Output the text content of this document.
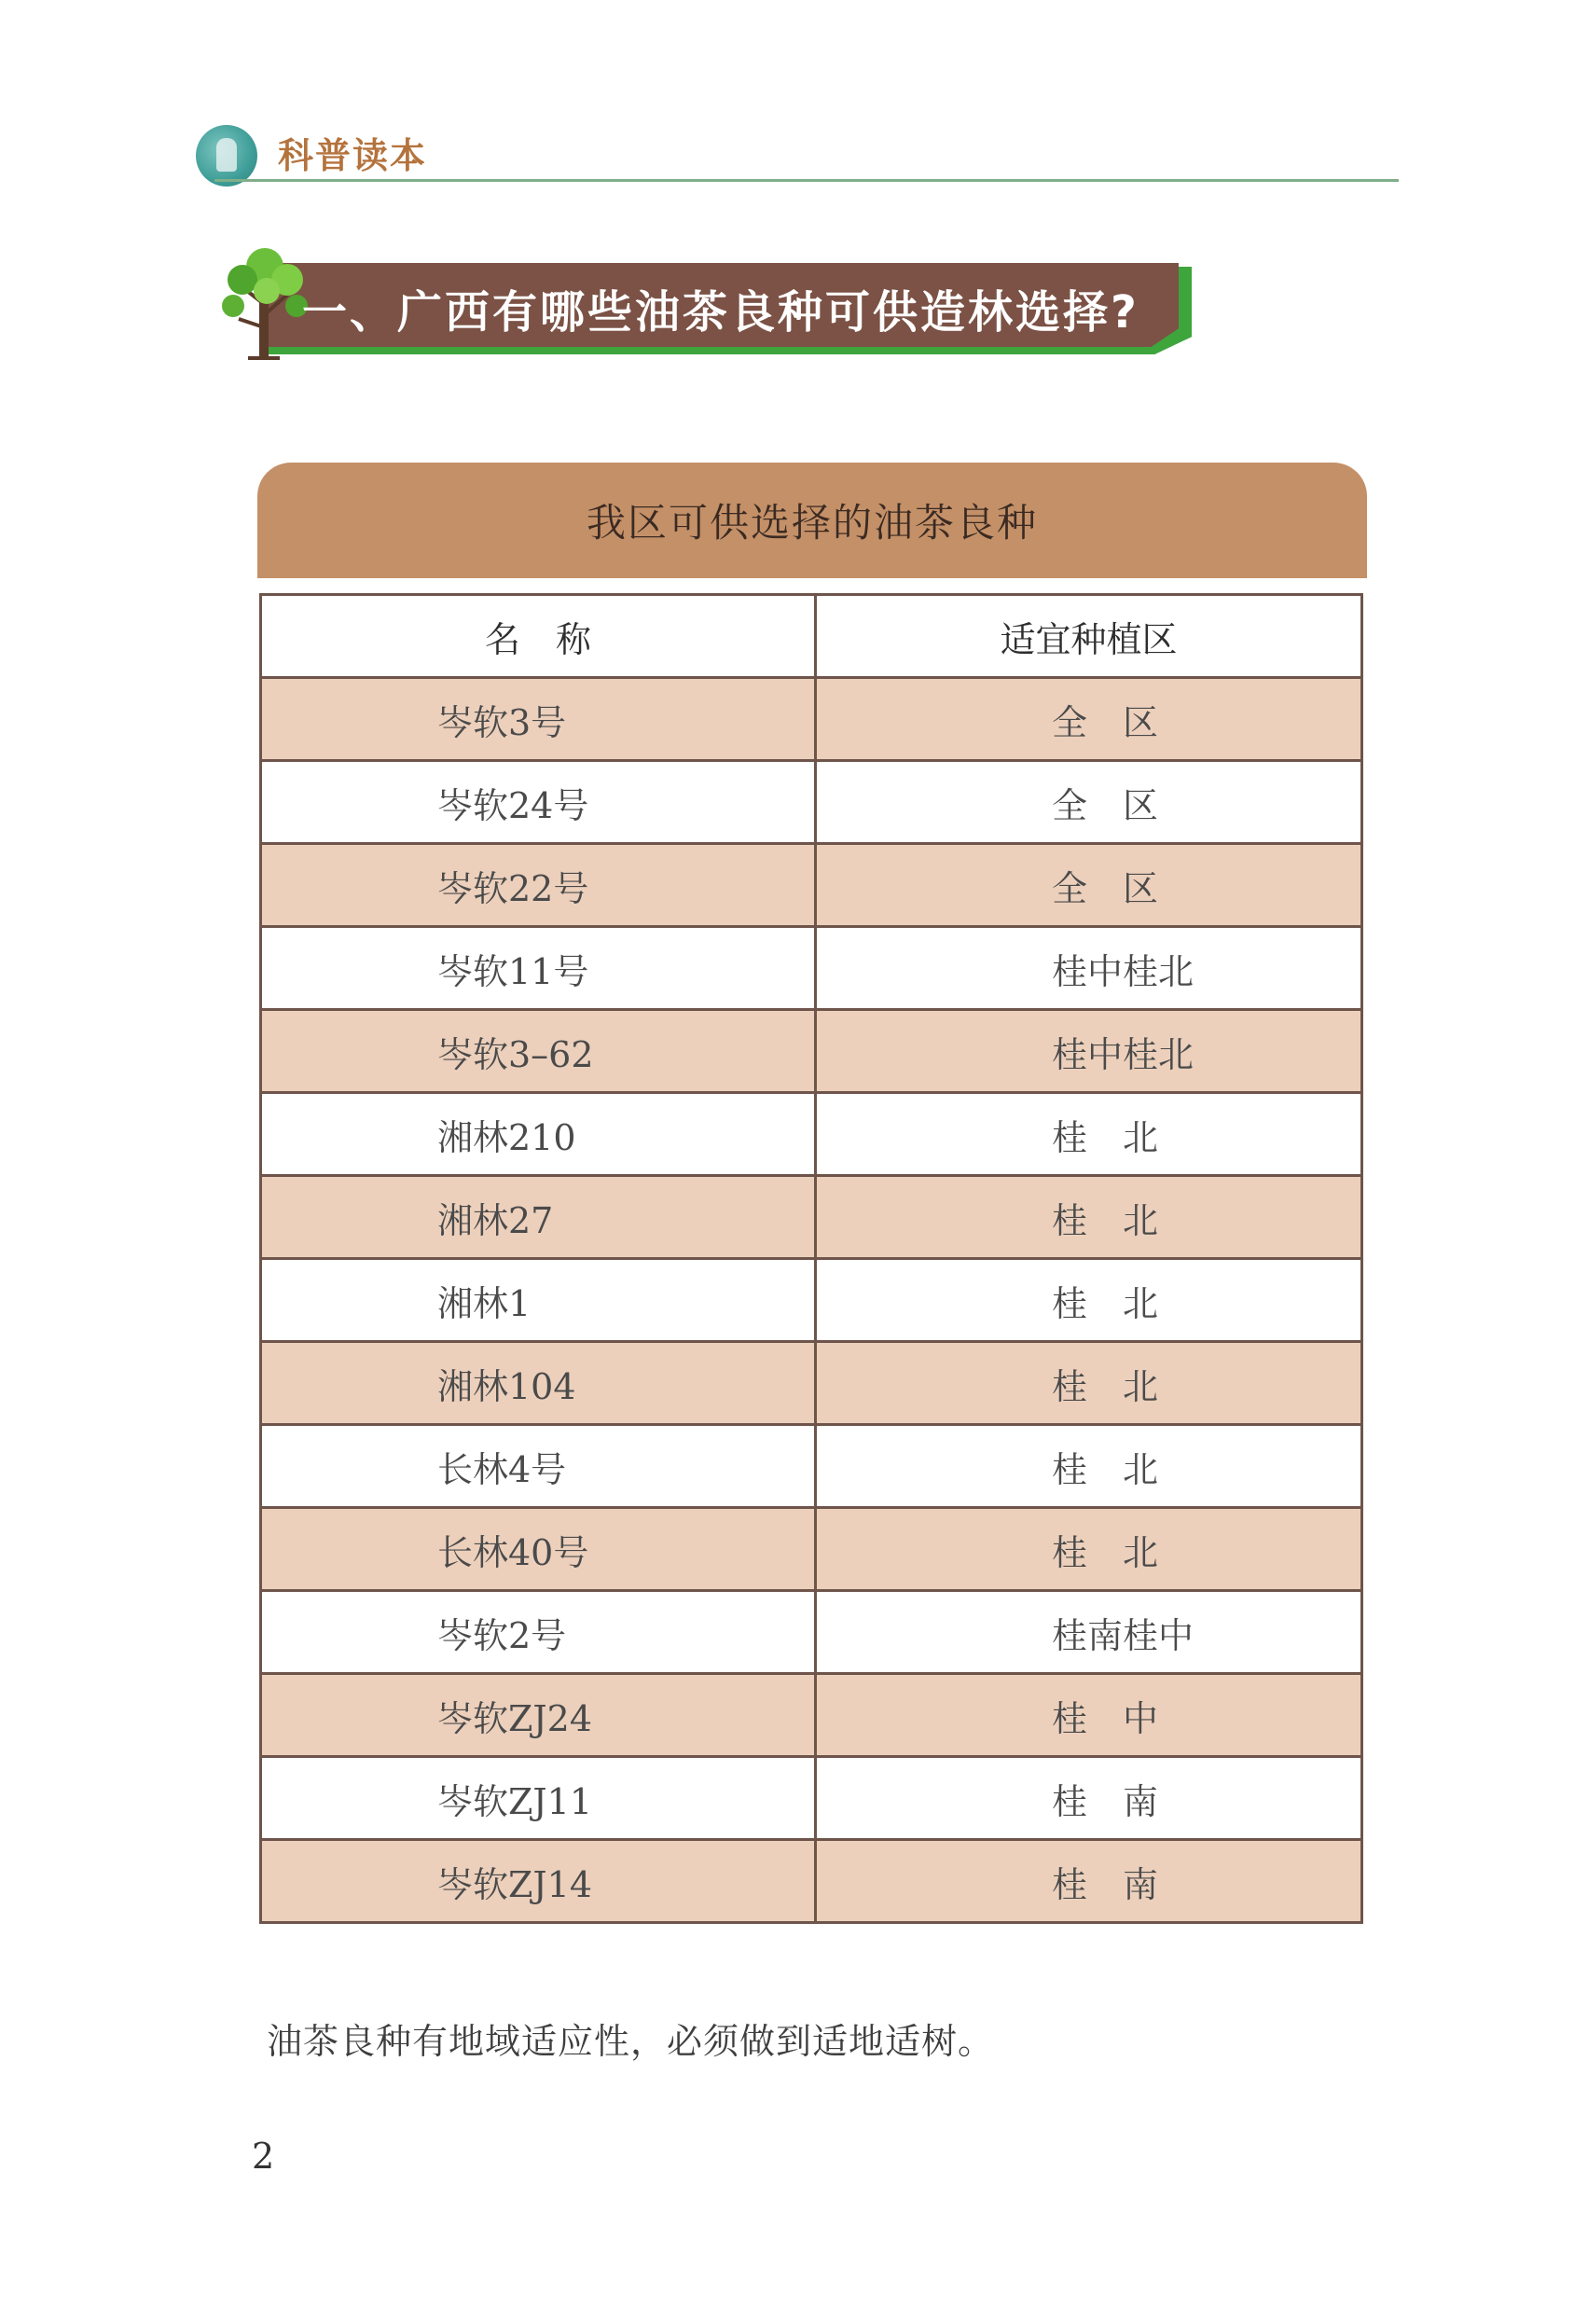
科普读本
一、广西有哪些油茶良种可供造林选择?
我区可供选择的油茶良种
名　称	适宜种植区
岑软3号	全　区
岑软24号	全　区
岑软22号	全　区
岑软11号	桂中桂北
岑软3–62	桂中桂北
湘林210	桂　北
湘林27	桂　北
湘林1	桂　北
湘林104	桂　北
长林4号	桂　北
长林40号	桂　北
岑软2号	桂南桂中
岑软ZJ24	桂　中
岑软ZJ11	桂　南
岑软ZJ14	桂　南
油茶良种有地域适应性，必须做到适地适树。
2
